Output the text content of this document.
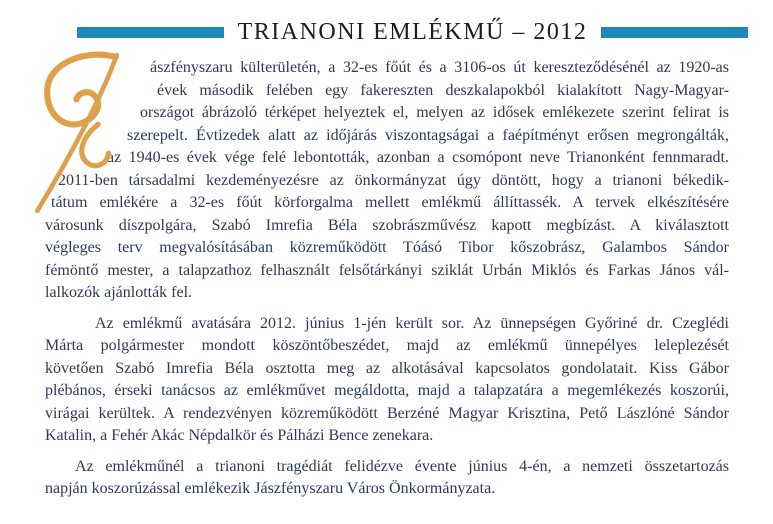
TRIANONI EMLÉKMŰ – 2012
ászfényszaru külterületén, a 32-es főút és a 3106-os út kereszteződésénél az 1920-as
évek második felében egy fakereszten deszkalapokból kialakított Nagy-Magyar-
országot ábrázoló térképet helyeztek el, melyen az idősek emlékezete szerint felirat is
szerepelt. Évtizedek alatt az időjárás viszontagságai a faépítményt erősen megrongálták,
az 1940-es évek vége felé lebontották, azonban a csomópont neve Trianonként fennmaradt.
2011-ben társadalmi kezdeményezésre az önkormányzat úgy döntött, hogy a trianoni békedik-
tátum emlékére a 32-es főút körforgalma mellett emlékmű állíttassék. A tervek elkészítésére
városunk díszpolgára, Szabó Imrefia Béla szobrászművész kapott megbízást. A kiválasztott
végleges terv megvalósításában közreműködött Tóásó Tibor kőszobrász, Galambos Sándor
fémöntő mester, a talapzathoz felhasznált felsőtárkányi sziklát Urbán Miklós és Farkas János vál-
lalkozók ajánlották fel.
Az emlékmű avatására 2012. június 1-jén került sor. Az ünnepségen Győriné dr. Czeglédi
Márta polgármester mondott köszöntőbeszédet, majd az emlékmű ünnepélyes leleplezését
követően Szabó Imrefia Béla osztotta meg az alkotásával kapcsolatos gondolatait. Kiss Gábor
plébános, érseki tanácsos az emlékművet megáldotta, majd a talapzatára a megemlékezés koszorúi,
virágai kerültek. A rendezvényen közreműködött Berzéné Magyar Krisztina, Pető Lászlóné Sándor
Katalin, a Fehér Akác Népdalkör és Pálházi Bence zenekara.
Az emlékműnél a trianoni tragédiát felidézve évente június 4-én, a nemzeti összetartozás
napján koszorúzással emlékezik Jászfényszaru Város Önkormányzata.
